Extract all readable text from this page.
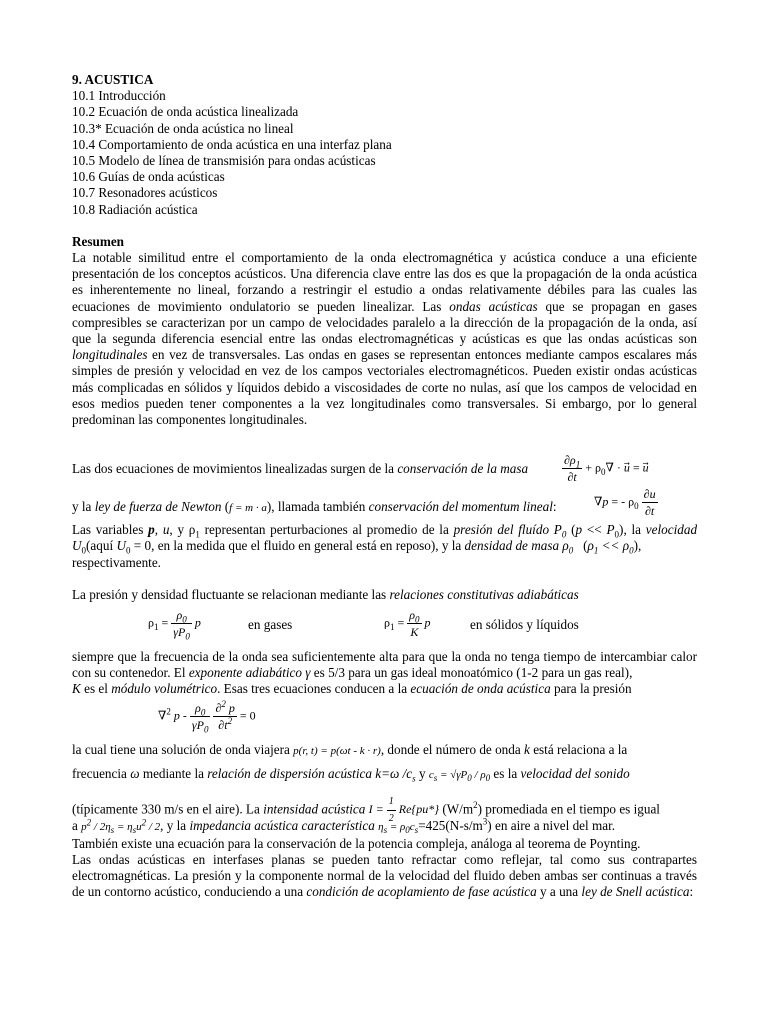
9. ACUSTICA
10.1 Introducción
10.2 Ecuación de onda acústica linealizada
10.3* Ecuación de onda acústica no lineal
10.4 Comportamiento de onda acústica en una interfaz plana
10.5 Modelo de línea de transmisión para ondas acústicas
10.6 Guías de onda acústicas
10.7 Resonadores acústicos
10.8 Radiación acústica
Resumen
La notable similitud entre el comportamiento de la onda electromagnética y acústica conduce a una eficiente presentación de los conceptos acústicos. Una diferencia clave entre las dos es que la propagación de la onda acústica es inherentemente no lineal, forzando a restringir el estudio a ondas relativamente débiles para las cuales las ecuaciones de movimiento ondulatorio se pueden linealizar. Las ondas acústicas que se propagan en gases compresibles se caracterizan por un campo de velocidades paralelo a la dirección de la propagación de la onda, así que la segunda diferencia esencial entre las ondas electromagnéticas y acústicas es que las ondas acústicas son longitudinales en vez de transversales. Las ondas en gases se representan entonces mediante campos escalares más simples de presión y velocidad en vez de los campos vectoriales electromagnéticos. Pueden existir ondas acústicas más complicadas en sólidos y líquidos debido a viscosidades de corte no nulas, así que los campos de velocidad en esos medios pueden tener componentes a la vez longitudinales como transversales. Si embargo, por lo general predominan las componentes longitudinales.
Las dos ecuaciones de movimientos linealizadas surgen de la conservación de la masa	$\frac{\partial\rho_1}{\partial t} + \rho_0\nabla$ · u⃗ = u
y la ley de fuerza de Newton (f = m · a), llamada también conservación del momentum lineal:	∇p = - $\rho_0 \frac{\partial u}{\partial t}$
Las variables p, u, y $\rho_1$ representan perturbaciones al promedio de la presión del fluído $P_0$ $(p << P_0)$, la velocidad $U_0(aquí$ $U_0 = 0$, en la medida que el fluido en general está en reposo), y la densidad de masa $\rho_0$   $(\rho_1 << \rho_0)$,
respectivamente.
La presión y densidad fluctuante se relacionan mediante las relaciones constitutivas adiabáticas
$\rho_1 = \frac{\rho_0}{\gamma P_0}$ p	en gases	$\rho_1 = \frac{\rho_0}{K}$ p	en sólidos y líquidos
siempre que la frecuencia de la onda sea suficientemente alta para que la onda no tenga tiempo de intercambiar calor con su contenedor. El exponente adiabático γ es 5/3 para un gas ideal monoatómico (1-2 para un gas real),
K es el módulo volumétrico. Esas tres ecuaciones conducen a la ecuación de onda acústica para la presión
∇$^2$ p - $\frac{\rho_0}{\gamma P_0}$
$\frac{\partial^2 p}{\partial t^2} = 0$
la cual tiene una solución de onda viajera p(r, t) = p(ωt - k · r), donde el número de onda k está relaciona a la
frecuencia ω mediante la relación de dispersión acústica k=ω $/c_s$ y $c_s = √\gamma P_0 / \rho_0$ es la velocidad del sonido
(típicamente 330 m/s en el aire). La intensidad acústica $I = \frac{1}{2} Re\{pu*\}$ $(W/m^2)$ promediada en el tiempo es igual
a $p^2 / 2\eta_s = \eta_su^2 / 2$, y la impedancia acústica característica $\eta_s = \rho_0c_s=425(N-s/m^3)$ en aire a nivel del mar.
También existe una ecuación para la conservación de la potencia compleja, análoga al teorema de Poynting.
Las ondas acústicas en interfases planas se pueden tanto refractar como reflejar, tal como sus contrapartes electromagnéticas. La presión y la componente normal de la velocidad del fluido deben ambas ser continuas a través de un contorno acústico, conduciendo a una condición de acoplamiento de fase acústica y a una ley de Snell acústica:
